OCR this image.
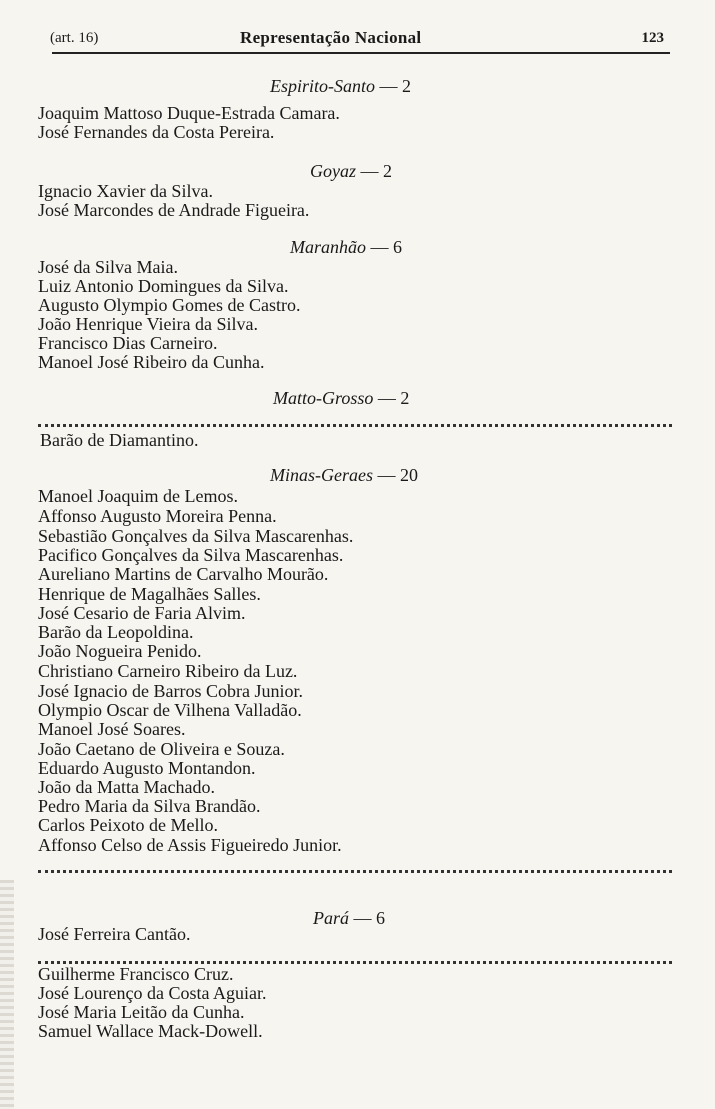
(art. 16)	Representação Nacional	123
Espirito-Santo — 2
Joaquim Mattoso Duque-Estrada Camara.
José Fernandes da Costa Pereira.
Goyaz — 2
Ignacio Xavier da Silva.
José Marcondes de Andrade Figueira.
Maranhão — 6
José da Silva Maia.
Luiz Antonio Domingues da Silva.
Augusto Olympio Gomes de Castro.
João Henrique Vieira da Silva.
Francisco Dias Carneiro.
Manoel José Ribeiro da Cunha.
Matto-Grosso — 2
Barão de Diamantino.
Minas-Geraes — 20
Manoel Joaquim de Lemos.
Affonso Augusto Moreira Penna.
Sebastião Gonçalves da Silva Mascarenhas.
Pacifico Gonçalves da Silva Mascarenhas.
Aureliano Martins de Carvalho Mourão.
Henrique de Magalhães Salles.
José Cesario de Faria Alvim.
Barão da Leopoldina.
João Nogueira Penido.
Christiano Carneiro Ribeiro da Luz.
José Ignacio de Barros Cobra Junior.
Olympio Oscar de Vilhena Valladão.
Manoel José Soares.
João Caetano de Oliveira e Souza.
Eduardo Augusto Montandon.
João da Matta Machado.
Pedro Maria da Silva Brandão.
Carlos Peixoto de Mello.
Affonso Celso de Assis Figueiredo Junior.
Pará — 6
José Ferreira Cantão.
Guilherme Francisco Cruz.
José Lourenço da Costa Aguiar.
José Maria Leitão da Cunha.
Samuel Wallace Mack-Dowell.
